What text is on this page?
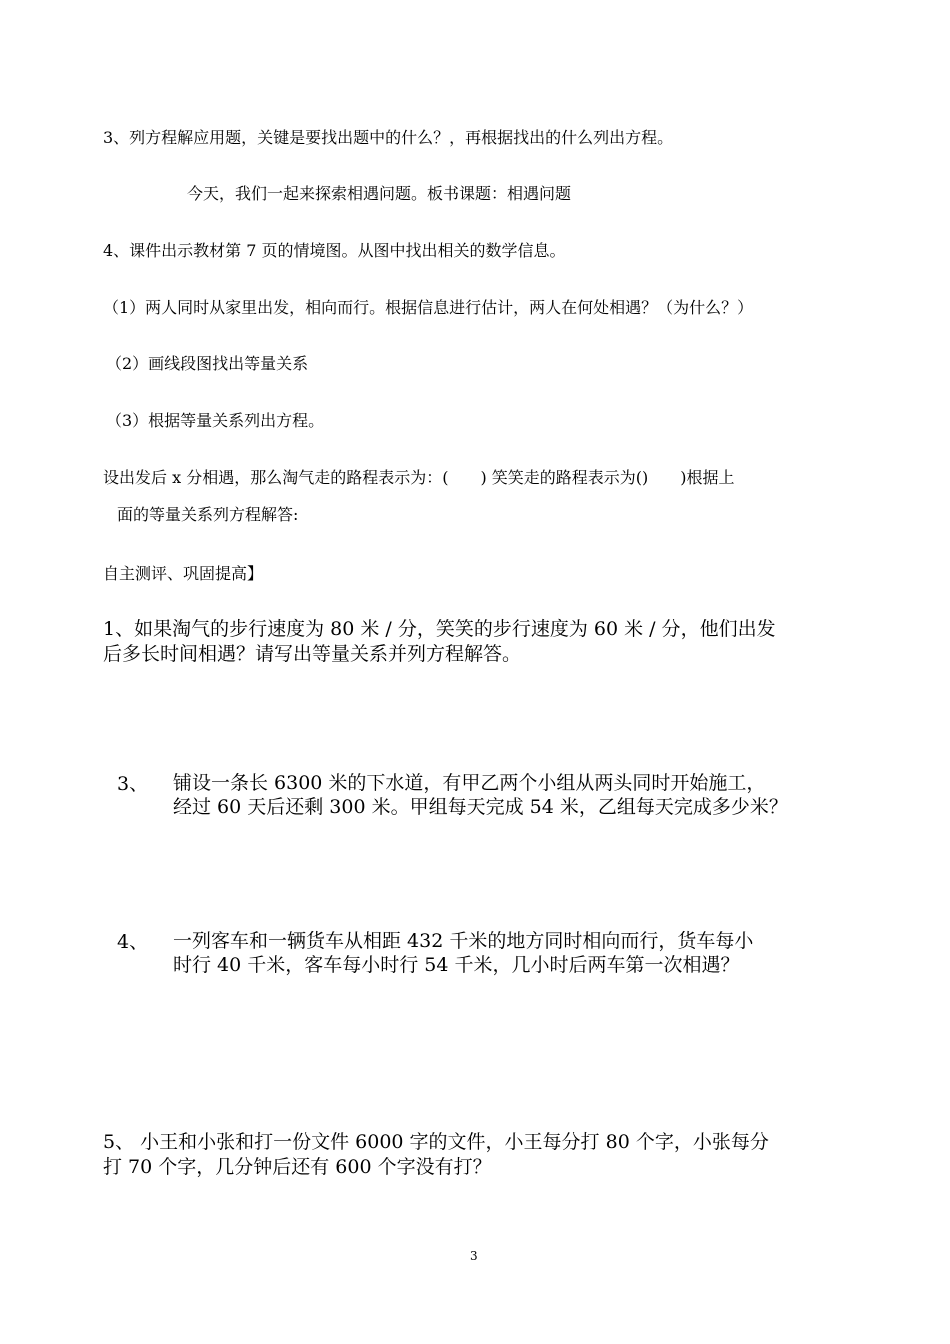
3、列方程解应用题，关键是要找出题中的什么？，再根据找出的什么列出方程。
今天，我们一起来探索相遇问题。板书课题：相遇问题
4、课件出示教材第 7 页的情境图。从图中找出相关的数学信息。
（1）两人同时从家里出发，相向而行。根据信息进行估计，两人在何处相遇？（为什么？）
（2）画线段图找出等量关系
（3）根据等量关系列出方程。
设出发后 x 分相遇，那么淘气走的路程表示为：(　　) 笑笑走的路程表示为()　　)根据上
面的等量关系列方程解答:
自主测评、巩固提高】
1、如果淘气的步行速度为 80 米 / 分，笑笑的步行速度为 60 米 / 分，他们出发
后多长时间相遇？请写出等量关系并列方程解答。
3、 铺设一条长 6300 米的下水道，有甲乙两个小组从两头同时开始施工，
经过 60 天后还剩 300 米。甲组每天完成 54 米，乙组每天完成多少米？
4、 一列客车和一辆货车从相距 432 千米的地方同时相向而行，货车每小
时行 40 千米，客车每小时行 54 千米，几小时后两车第一次相遇？
5、 小王和小张和打一份文件 6000 字的文件，小王每分打 80 个字，小张每分
打 70 个字，几分钟后还有 600 个字没有打？
3
